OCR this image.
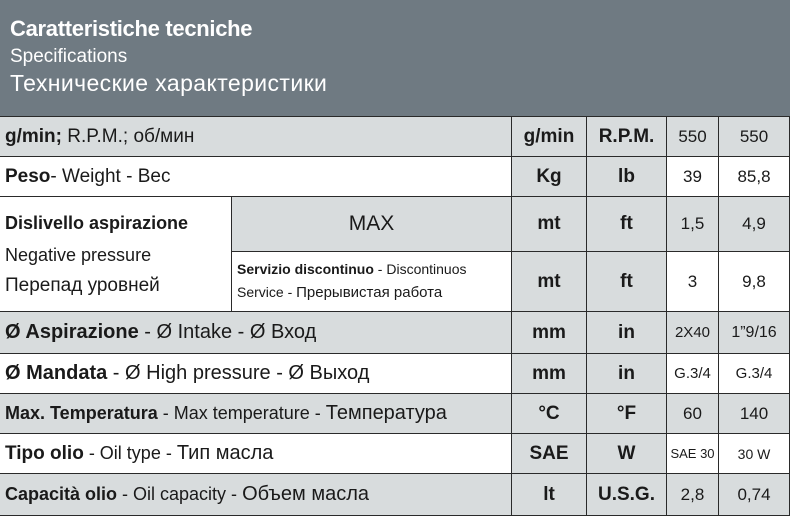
Caratteristiche tecniche
Specifications
Технические характеристики
g/min; R.P.M.; об/мин	g/min	R.P.M.	550	550
Peso - Weight - Вес	Kg	lb	39	85,8
Dislivello aspirazione
Negative pressure
Перепад уровней
MAX	mt	ft	1,5	4,9
Servizio discontinuo - Discontinuos
Service - Прерывистая работа
mt	ft	3	9,8
Ø Aspirazione - Ø Intake - Ø Вход	mm	in	2X40	1”9/16
Ø Mandata - Ø High pressure - Ø Выход	mm	in	G.3/4	G.3/4
Max. Temperatura - Max temperature - Температура	°C	°F	60	140
Tipo olio - Oil type - Тип масла	SAE	W	SAE 30	30 W
Capacità olio - Oil capacity - Объем масла	lt	U.S.G.	2,8	0,74
